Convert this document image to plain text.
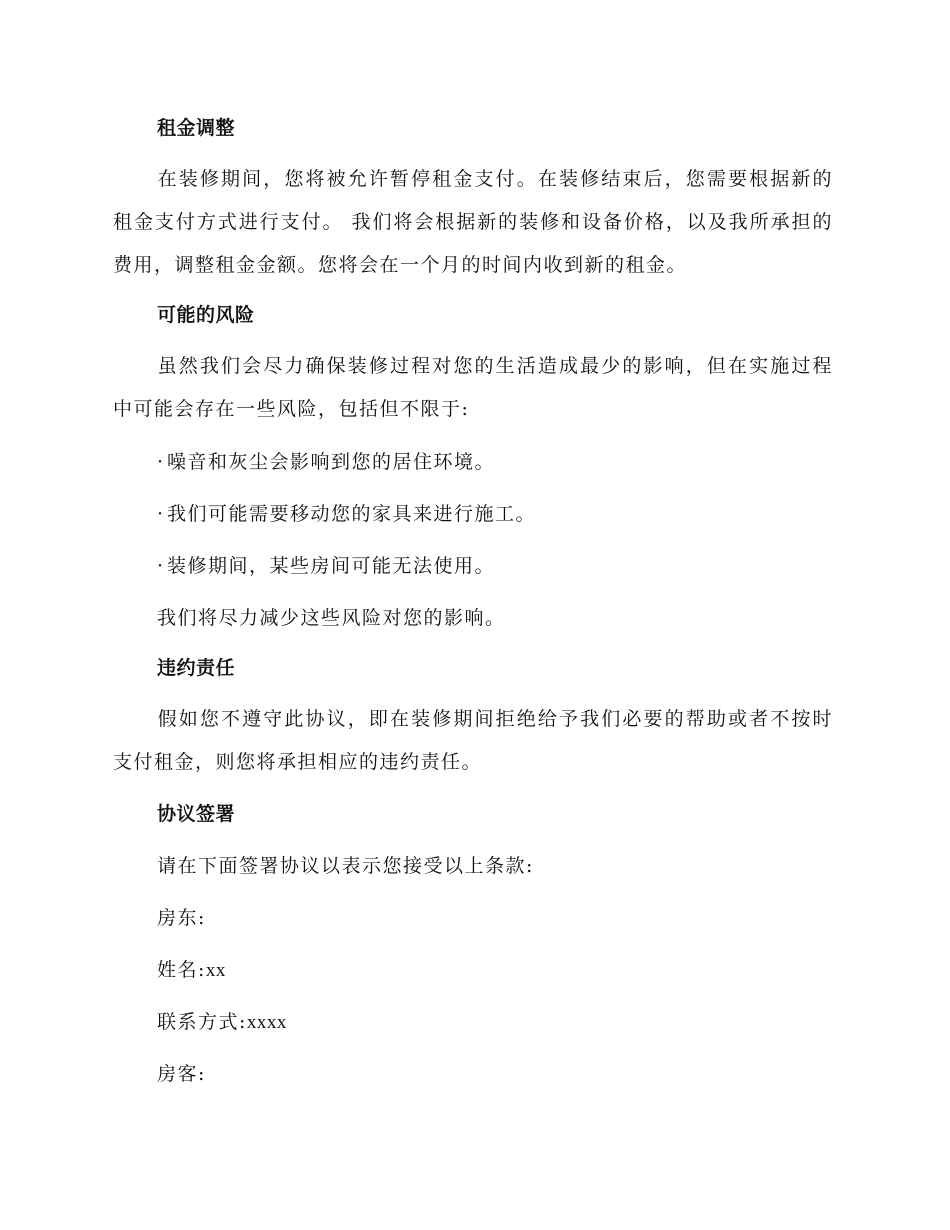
租金调整

在装修期间，您将被允许暂停租金支付。在装修结束后，您需要根据新的租金支付方式进行支付。 我们将会根据新的装修和设备价格，以及我所承担的费用，调整租金金额。您将会在一个月的时间内收到新的租金。

可能的风险

虽然我们会尽力确保装修过程对您的生活造成最少的影响，但在实施过程中可能会存在一些风险，包括但不限于:

· 噪音和灰尘会影响到您的居住环境。
· 我们可能需要移动您的家具来进行施工。
· 装修期间，某些房间可能无法使用。

我们将尽力减少这些风险对您的影响。

违约责任

假如您不遵守此协议，即在装修期间拒绝给予我们必要的帮助或者不按时支付租金，则您将承担相应的违约责任。

协议签署

请在下面签署协议以表示您接受以上条款:

房东:

姓名:xx

联系方式:xxxx

房客:
